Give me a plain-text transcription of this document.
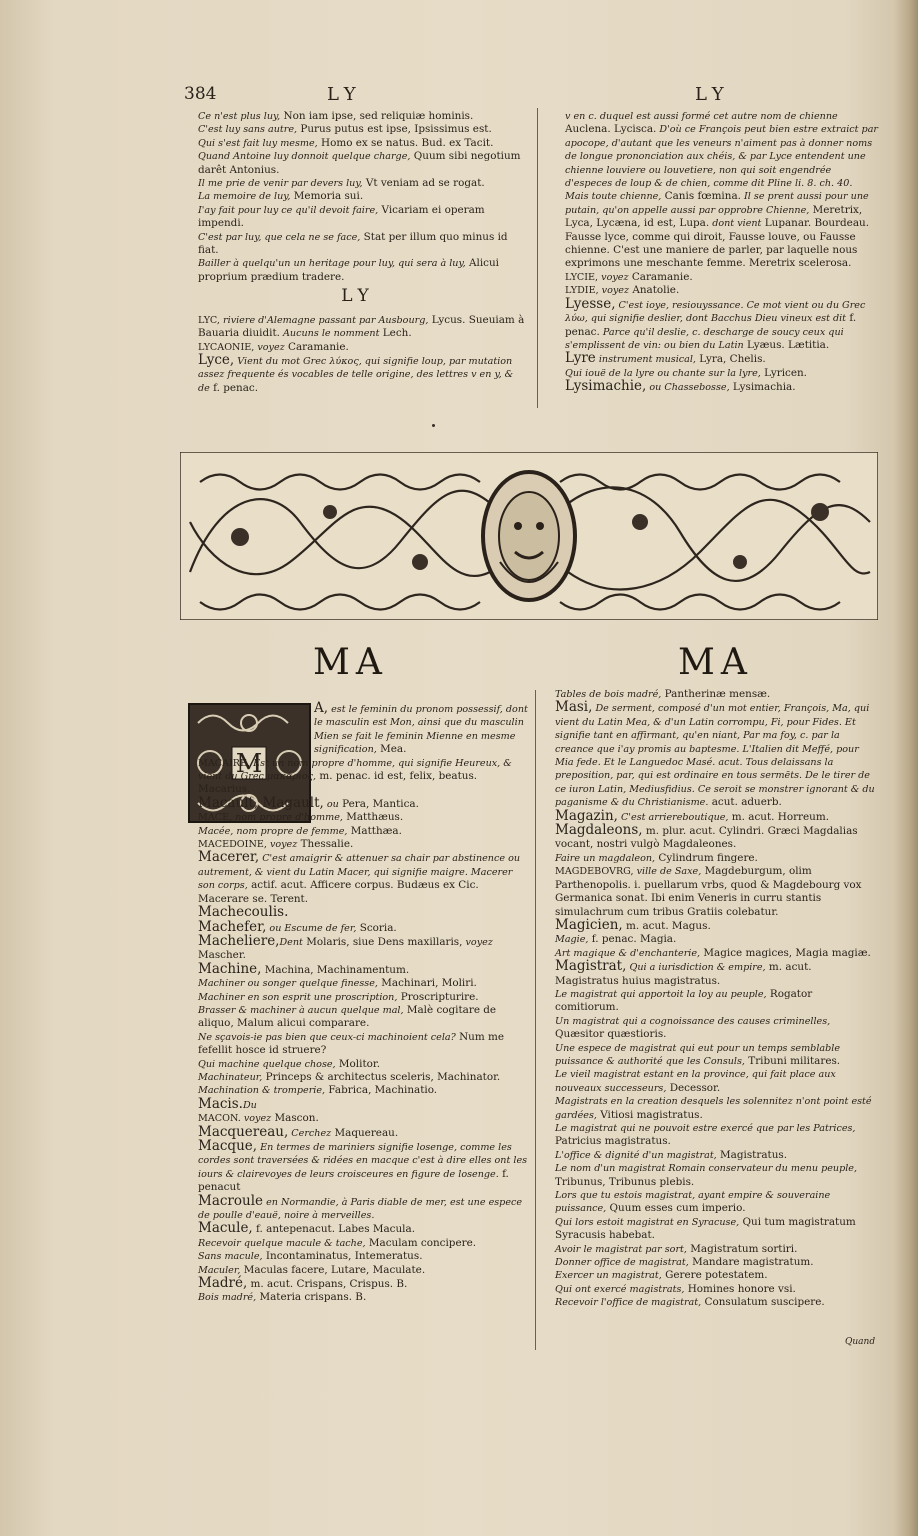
384	LY	LY

Ce n'est plus luy, Non iam ipse, sed reliquiæ hominis.

C'est luy sans autre, Purus putus est ipse, Ipsissimus est.

Qui s'est fait luy mesme, Homo ex se natus. Bud. ex Tacit.

Quand Antoine luy donnoit quelque charge, Quum sibi negotium darêt Antonius.

Il me prie de venir par devers luy, Vt veniam ad se rogat.

La memoire de luy, Memoria sui.

I'ay fait pour luy ce qu'il devoit faire, Vicariam ei operam impendi.

C'est par luy, que cela ne se face, Stat per illum quo minus id fiat.

Bailler à quelqu'un un heritage pour luy, qui sera à luy, Alicui proprium prædium tradere.

LY

LYC, riviere d'Alemagne passant par Ausbourg, Lycus. Sueuiam à Bauaria diuidit. Aucuns le nomment Lech.

LYCAONIE, voyez Caramanie.

Lyce, Vient du mot Grec λύκος, qui signifie loup, par mutation assez frequente és vocables de telle origine, des lettres v en y, & de f. penac.

v en c. duquel est aussi formé cet autre nom de chienne Auclena. Lycisca. D'où ce François peut bien estre extraict par apocope, d'autant que les veneurs n'aiment pas à donner noms de longue prononciation aux chéis, & par Lyce entendent une chienne louviere ou louvetiere, non qui soit engendrée d'especes de loup & de chien, comme dit Pline li. 8. ch. 40.

Mais toute chienne, Canis fœmina. Il se prent aussi pour une putain, qu'on appelle aussi par opprobre Chienne, Meretrix, Lyca, Lycæna, id est, Lupa. dont vient Lupanar. Bourdeau. Fausse lyce, comme qui diroit, Fausse louve, ou Fausse chienne. C'est une maniere de parler, par laquelle nous exprimons une meschante femme. Meretrix scelerosa.

LYCIE, voyez Caramanie.

LYDIE, voyez Anatolie.

Lyesse, C'est ioye, resiouyssance. Ce mot vient ou du Grec λύω, qui signifie deslier, dont Bacchus Dieu vineux est dit f. penac. Parce qu'il deslie, c. descharge de soucy ceux qui s'emplissent de vin: ou bien du Latin Lyæus. Lætitia.

Lyre instrument musical, Lyra, Chelis.

Qui iouë de la lyre ou chante sur la lyre, Lyricen.

Lysimachie, ou Chassebosse, Lysimachia.

MA	MA
M

A, est le feminin du pronom possessif, dont le masculin est Mon, ainsi que du masculin Mien se fait le feminin Mienne en mesme signification, Mea.

MACAIRE, Est un nom propre d'homme, qui signifie Heureux, & vient du Grec μακάριος, m. penac. id est, felix, beatus. Macarius.

Macault, Magault, ou Pera, Mantica.

MACE, nom propre d'homme, Matthæus.

Macée, nom propre de femme, Matthæa.

MACEDOINE, voyez Thessalie.

Macerer, C'est amaigrir & attenuer sa chair par abstinence ou autrement, & vient du Latin Macer, qui signifie maigre. Macerer son corps, actif. acut. Afficere corpus. Budæus ex Cic. Macerare se. Terent.

Machecoulis.

Machefer, ou Escume de fer, Scoria.

Macheliere,Dent Molaris, siue Dens maxillaris, voyez Mascher.

Machine, Machina, Machinamentum.

Machiner ou songer quelque finesse, Machinari, Moliri.

Machiner en son esprit une proscription, Proscripturire.

Brasser & machiner à aucun quelque mal, Malè cogitare de aliquo, Malum alicui comparare.

Ne sçavois-ie pas bien que ceux-ci machinoient cela? Num me fefellit hosce id struere?

Qui machine quelque chose, Molitor.

Machinateur, Princeps & architectus sceleris, Machinator.

Machination & tromperie, Fabrica, Machinatio.

Macis.Du

MACON. voyez Mascon.

Macquereau, Cerchez Maquereau.

Macque, En termes de mariniers signifie losenge, comme les cordes sont traversées & ridées en macque c'est à dire elles ont les iours & clairevoyes de leurs croisceures en figure de losenge. f. penacut

Macroule en Normandie, à Paris diable de mer, est une espece de poulle d'eauë, noire à merveilles.

Macule, f. antepenacut. Labes Macula.

Recevoir quelque macule & tache, Maculam concipere.

Sans macule, Incontaminatus, Intemeratus.

Maculer, Maculas facere, Lutare, Maculate.

Madré, m. acut. Crispans, Crispus. B.

Bois madré, Materia crispans. B.

Tables de bois madré, Pantherinæ mensæ.

Masi, De serment, composé d'un mot entier, François, Ma, qui vient du Latin Mea, & d'un Latin corrompu, Fi, pour Fides. Et signifie tant en affirmant, qu'en niant, Par ma foy, c. par la creance que i'ay promis au baptesme. L'Italien dit Meffé, pour Mia fede. Et le Languedoc Masé. acut. Tous delaissans la preposition, par, qui est ordinaire en tous sermēts. De le tirer de ce iuron Latin, Mediusfidius. Ce seroit se monstrer ignorant & du paganisme & du Christianisme. acut. aduerb.

Magazin, C'est arriereboutique, m. acut. Horreum.

Magdaleons, m. plur. acut. Cylindri. Græci Magdalias vocant, nostri vulgò Magdaleones.

Faire un magdaleon, Cylindrum fingere.

MAGDEBOVRG, ville de Saxe, Magdeburgum, olim Parthenopolis. i. puellarum vrbs, quod & Magdebourg vox Germanica sonat. Ibi enim Veneris in curru stantis simulachrum cum tribus Gratiis colebatur.

Magicien, m. acut. Magus.

Magie, f. penac. Magia.

Art magique & d'enchanterie, Magice magices, Magia magiæ.

Magistrat, Qui a iurisdiction & empire, m. acut. Magistratus huius magistratus.

Le magistrat qui apportoit la loy au peuple, Rogator comitiorum.

Un magistrat qui a cognoissance des causes criminelles, Quæsitor quæstioris.

Une espece de magistrat qui eut pour un temps semblable puissance & authorité que les Consuls, Tribuni militares.

Le vieil magistrat estant en la province, qui fait place aux nouveaux successeurs, Decessor.

Magistrats en la creation desquels les solennitez n'ont point esté gardées, Vitiosi magistratus.

Le magistrat qui ne pouvoit estre exercé que par les Patrices, Patricius magistratus.

L'office & dignité d'un magistrat, Magistratus.

Le nom d'un magistrat Romain conservateur du menu peuple, Tribunus, Tribunus plebis.

Lors que tu estois magistrat, ayant empire & souveraine puissance, Quum esses cum imperio.

Qui lors estoit magistrat en Syracuse, Qui tum magistratum Syracusis habebat.

Avoir le magistrat par sort, Magistratum sortiri.

Donner office de magistrat, Mandare magistratum.

Exercer un magistrat, Gerere potestatem.

Qui ont exercé magistrats, Homines honore vsi.

Recevoir l'office de magistrat, Consulatum suscipere.

Quand
